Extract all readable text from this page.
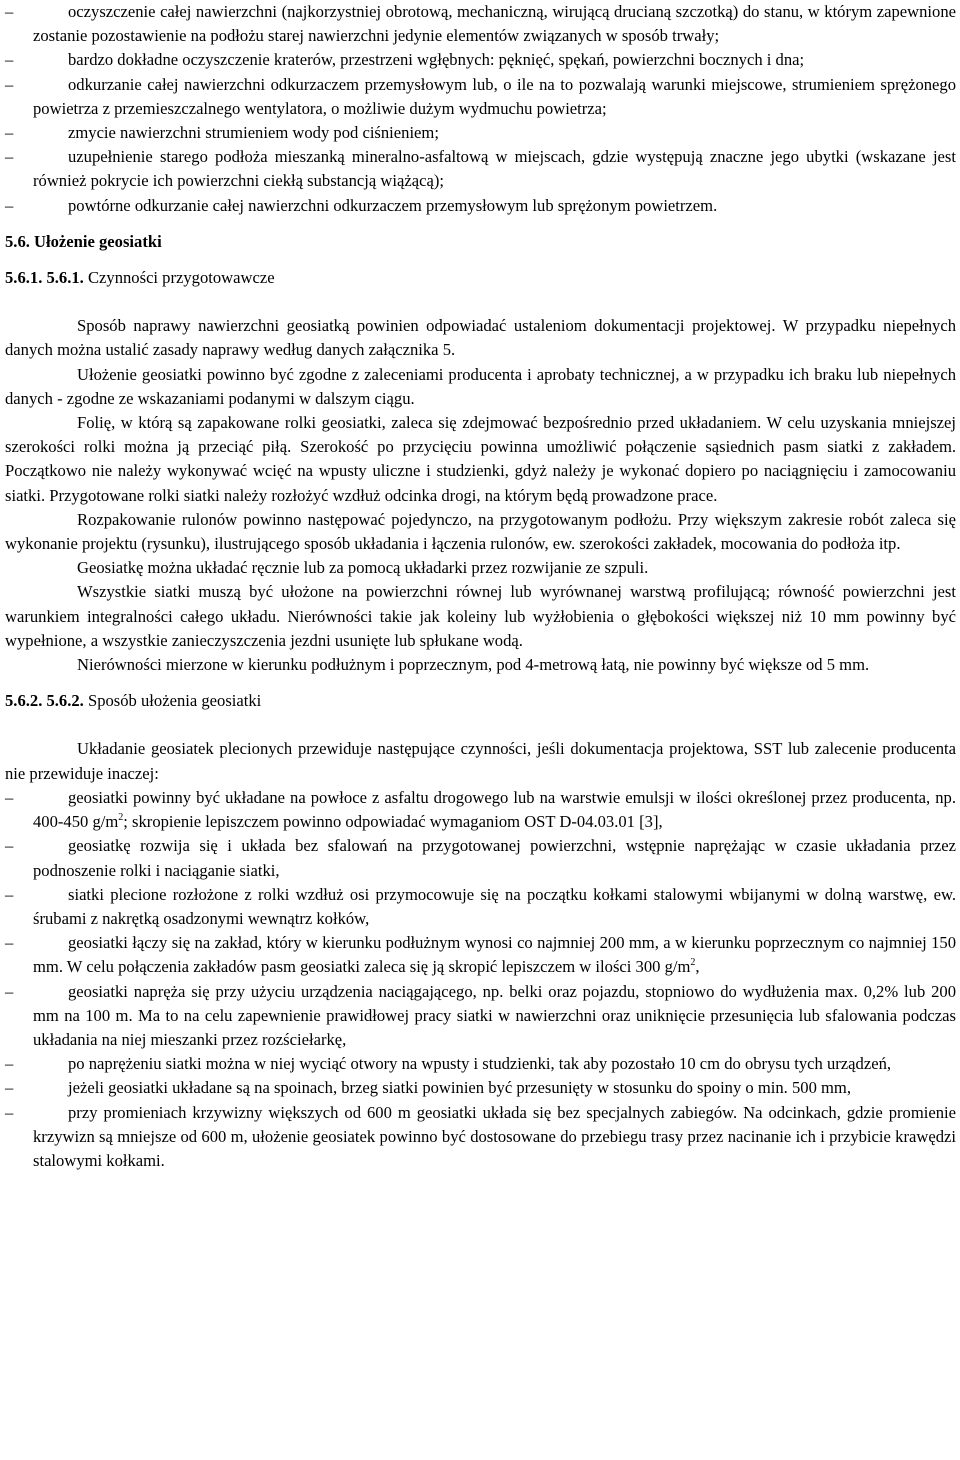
– oczyszczenie całej nawierzchni (najkorzystniej obrotową, mechaniczną, wirującą drucianą szczotką) do stanu, w którym zapewnione zostanie pozostawienie na podłożu starej nawierzchni jedynie elementów związanych w sposób trwały;
– bardzo dokładne oczyszczenie kraterów, przestrzeni wgłębnych: pęknięć, spękań, powierzchni bocznych i dna;
– odkurzanie całej nawierzchni odkurzaczem przemysłowym lub, o ile na to pozwalają warunki miejscowe, strumieniem sprężonego powietrza z przemieszczalnego wentylatora, o możliwie dużym wydmuchu powietrza;
– zmycie nawierzchni strumieniem wody pod ciśnieniem;
– uzupełnienie starego podłoża mieszanką mineralno-asfaltową w miejscach, gdzie występują znaczne jego ubytki (wskazane jest również pokrycie ich powierzchni ciekłą substancją wiążącą);
– powtórne odkurzanie całej nawierzchni odkurzaczem przemysłowym lub sprężonym powietrzem.
5.6. Ułożenie geosiatki
5.6.1. 5.6.1. Czynności przygotowawcze
Sposób naprawy nawierzchni geosiatką powinien odpowiadać ustaleniom dokumentacji projektowej. W przypadku niepełnych danych można ustalić zasady naprawy według danych załącznika 5.
Ułożenie geosiatki powinno być zgodne z zaleceniami producenta i aprobaty technicznej, a w przypadku ich braku lub niepełnych danych - zgodne ze wskazaniami podanymi w dalszym ciągu.
Folię, w którą są zapakowane rolki geosiatki, zaleca się zdejmować bezpośrednio przed układaniem. W celu uzyskania mniejszej szerokości rolki można ją przeciąć piłą. Szerokość po przycięciu powinna umożliwić połączenie sąsiednich pasm siatki z zakładem. Początkowo nie należy wykonywać wcięć na wpusty uliczne i studzienki, gdyż należy je wykonać dopiero po naciągnięciu i zamocowaniu siatki. Przygotowane rolki siatki należy rozłożyć wzdłuż odcinka drogi, na którym będą prowadzone prace.
Rozpakowanie rulonów powinno następować pojedynczo, na przygotowanym podłożu. Przy większym zakresie robót zaleca się wykonanie projektu (rysunku), ilustrującego sposób układania i łączenia rulonów, ew. szerokości zakładek, mocowania do podłoża itp.
Geosiatkę można układać ręcznie lub za pomocą układarki przez rozwijanie ze szpuli.
Wszystkie siatki muszą być ułożone na powierzchni równej lub wyrównanej warstwą profilującą; równość powierzchni jest warunkiem integralności całego układu. Nierówności takie jak koleiny lub wyżłobienia o głębokości większej niż 10 mm powinny być wypełnione, a wszystkie zanieczyszczenia jezdni usunięte lub spłukane wodą.
Nierówności mierzone w kierunku podłużnym i poprzecznym, pod 4-metrową łatą, nie powinny być większe od 5 mm.
5.6.2. 5.6.2. Sposób ułożenia geosiatki
Układanie geosiatek plecionych przewiduje następujące czynności, jeśli dokumentacja projektowa, SST lub zalecenie producenta nie przewiduje inaczej:
– geosiatki powinny być układane na powłoce z asfaltu drogowego lub na warstwie emulsji w ilości określonej przez producenta, np. 400-450 $g/m^2$; skropienie lepiszczem powinno odpowiadać wymaganiom OST D-04.03.01 [3],
– geosiatkę rozwija się i układa bez sfalowań na przygotowanej powierzchni, wstępnie naprężając w czasie układania przez podnoszenie rolki i naciąganie siatki,
– siatki plecione rozłożone z rolki wzdłuż osi przymocowuje się na początku kołkami stalowymi wbijanymi w dolną warstwę, ew. śrubami z nakrętką osadzonymi wewnątrz kołków,
– geosiatki łączy się na zakład, który w kierunku podłużnym wynosi co najmniej 200 mm, a w kierunku poprzecznym co najmniej 150 mm. W celu połączenia zakładów pasm geosiatki zaleca się ją skropić lepiszczem w ilości 300 $g/m^2$,
– geosiatki napręża się przy użyciu urządzenia naciągającego, np. belki oraz pojazdu, stopniowo do wydłużenia max. 0,2% lub 200 mm na 100 m. Ma to na celu zapewnienie prawidłowej pracy siatki w nawierzchni oraz uniknięcie przesunięcia lub sfalowania podczas układania na niej mieszanki przez rozściełarkę,
– po naprężeniu siatki można w niej wyciąć otwory na wpusty i studzienki, tak aby pozostało 10 cm do obrysu tych urządzeń,
– jeżeli geosiatki układane są na spoinach, brzeg siatki powinien być przesunięty w stosunku do spoiny o min. 500 mm,
– przy promieniach krzywizny większych od 600 m geosiatki układa się bez specjalnych zabiegów. Na odcinkach, gdzie promienie krzywizn są mniejsze od 600 m, ułożenie geosiatek powinno być dostosowane do przebiegu trasy przez nacinanie ich i przybicie krawędzi stalowymi kołkami.
